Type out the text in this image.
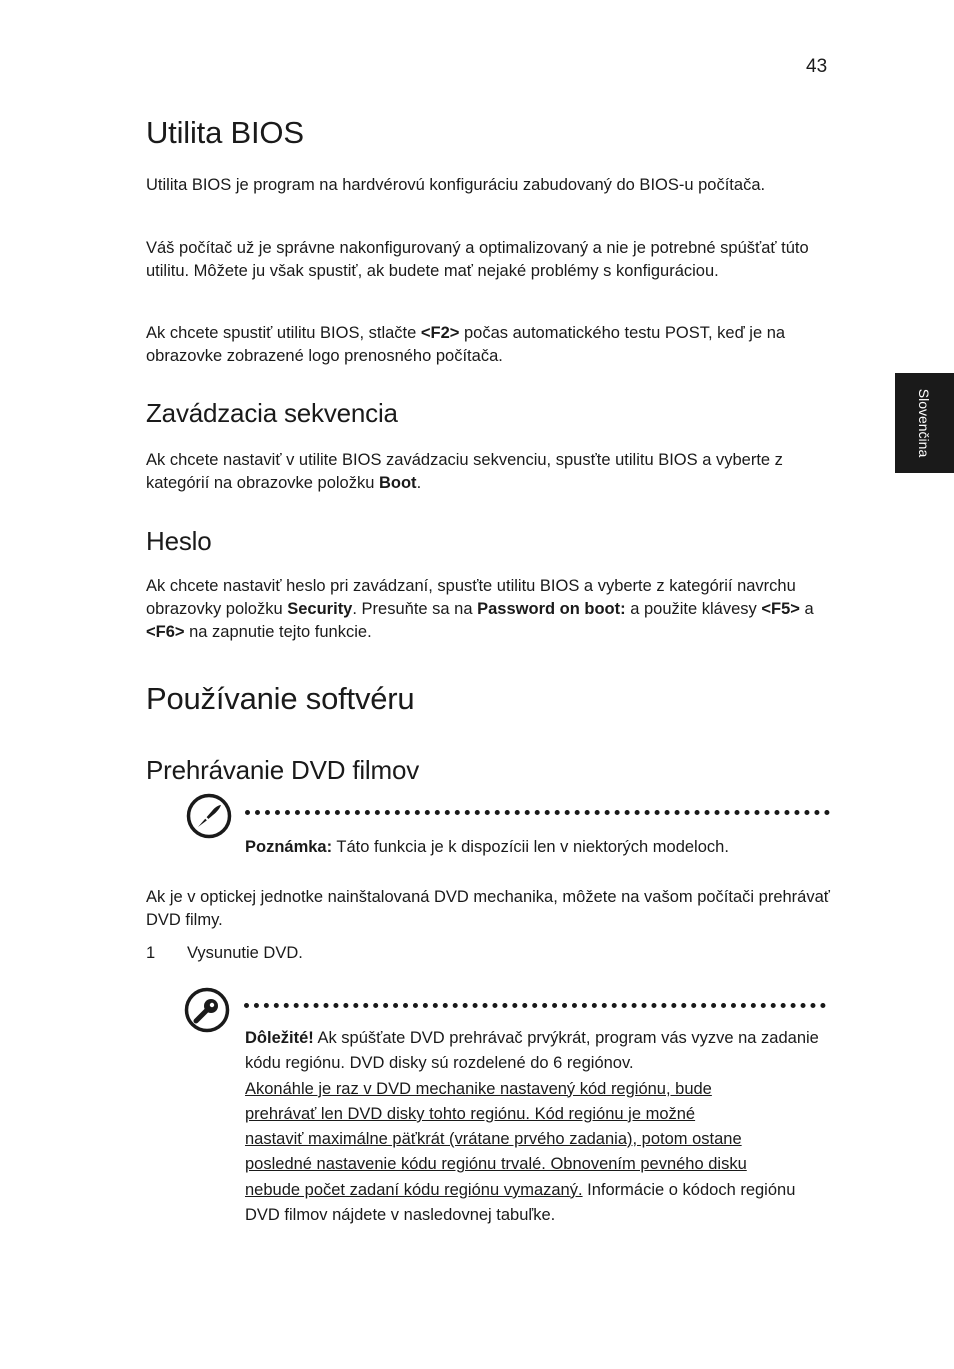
43
Slovenčina
Utilita BIOS

Utilita BIOS je program na hardvérovú konfiguráciu zabudovaný do BIOS-u počítača.

Váš počítač už je správne nakonfigurovaný a optimalizovaný a nie je potrebné spúšťať túto utilitu. Môžete ju však spustiť, ak budete mať nejaké problémy s konfiguráciou.

Ak chcete spustiť utilitu BIOS, stlačte <F2> počas automatického testu POST, keď je na obrazovke zobrazené logo prenosného počítača.

Zavádzacia sekvencia

Ak chcete nastaviť v utilite BIOS zavádzaciu sekvenciu, spusťte utilitu BIOS a vyberte z kategórií na obrazovke položku Boot.

Heslo

Ak chcete nastaviť heslo pri zavádzaní, spusťte utilitu BIOS a vyberte z kategórií navrchu obrazovky položku Security. Presuňte sa na Password on boot: a použite klávesy <F5> a <F6> na zapnutie tejto funkcie.

Používanie softvéru
Prehrávanie DVD filmov

Poznámka: Táto funkcia je k dispozícii len v niektorých modeloch.

Ak je v optickej jednotke nainštalovaná DVD mechanika, môžete na vašom počítači prehrávať DVD filmy.

1 Vysunutie DVD.

Dôležité! Ak spúšťate DVD prehrávač prvýkrát, program vás vyzve na zadanie kódu regiónu. DVD disky sú rozdelené do 6 regiónov.
Akonáhle je raz v DVD mechanike nastavený kód regiónu, bude
prehrávať len DVD disky tohto regiónu. Kód regiónu je možné
nastaviť maximálne päťkrát (vrátane prvého zadania), potom ostane
posledné nastavenie kódu regiónu trvalé. Obnovením pevného disku
nebude počet zadaní kódu regiónu vymazaný. Informácie o kódoch regiónu DVD filmov nájdete v nasledovnej tabuľke.
